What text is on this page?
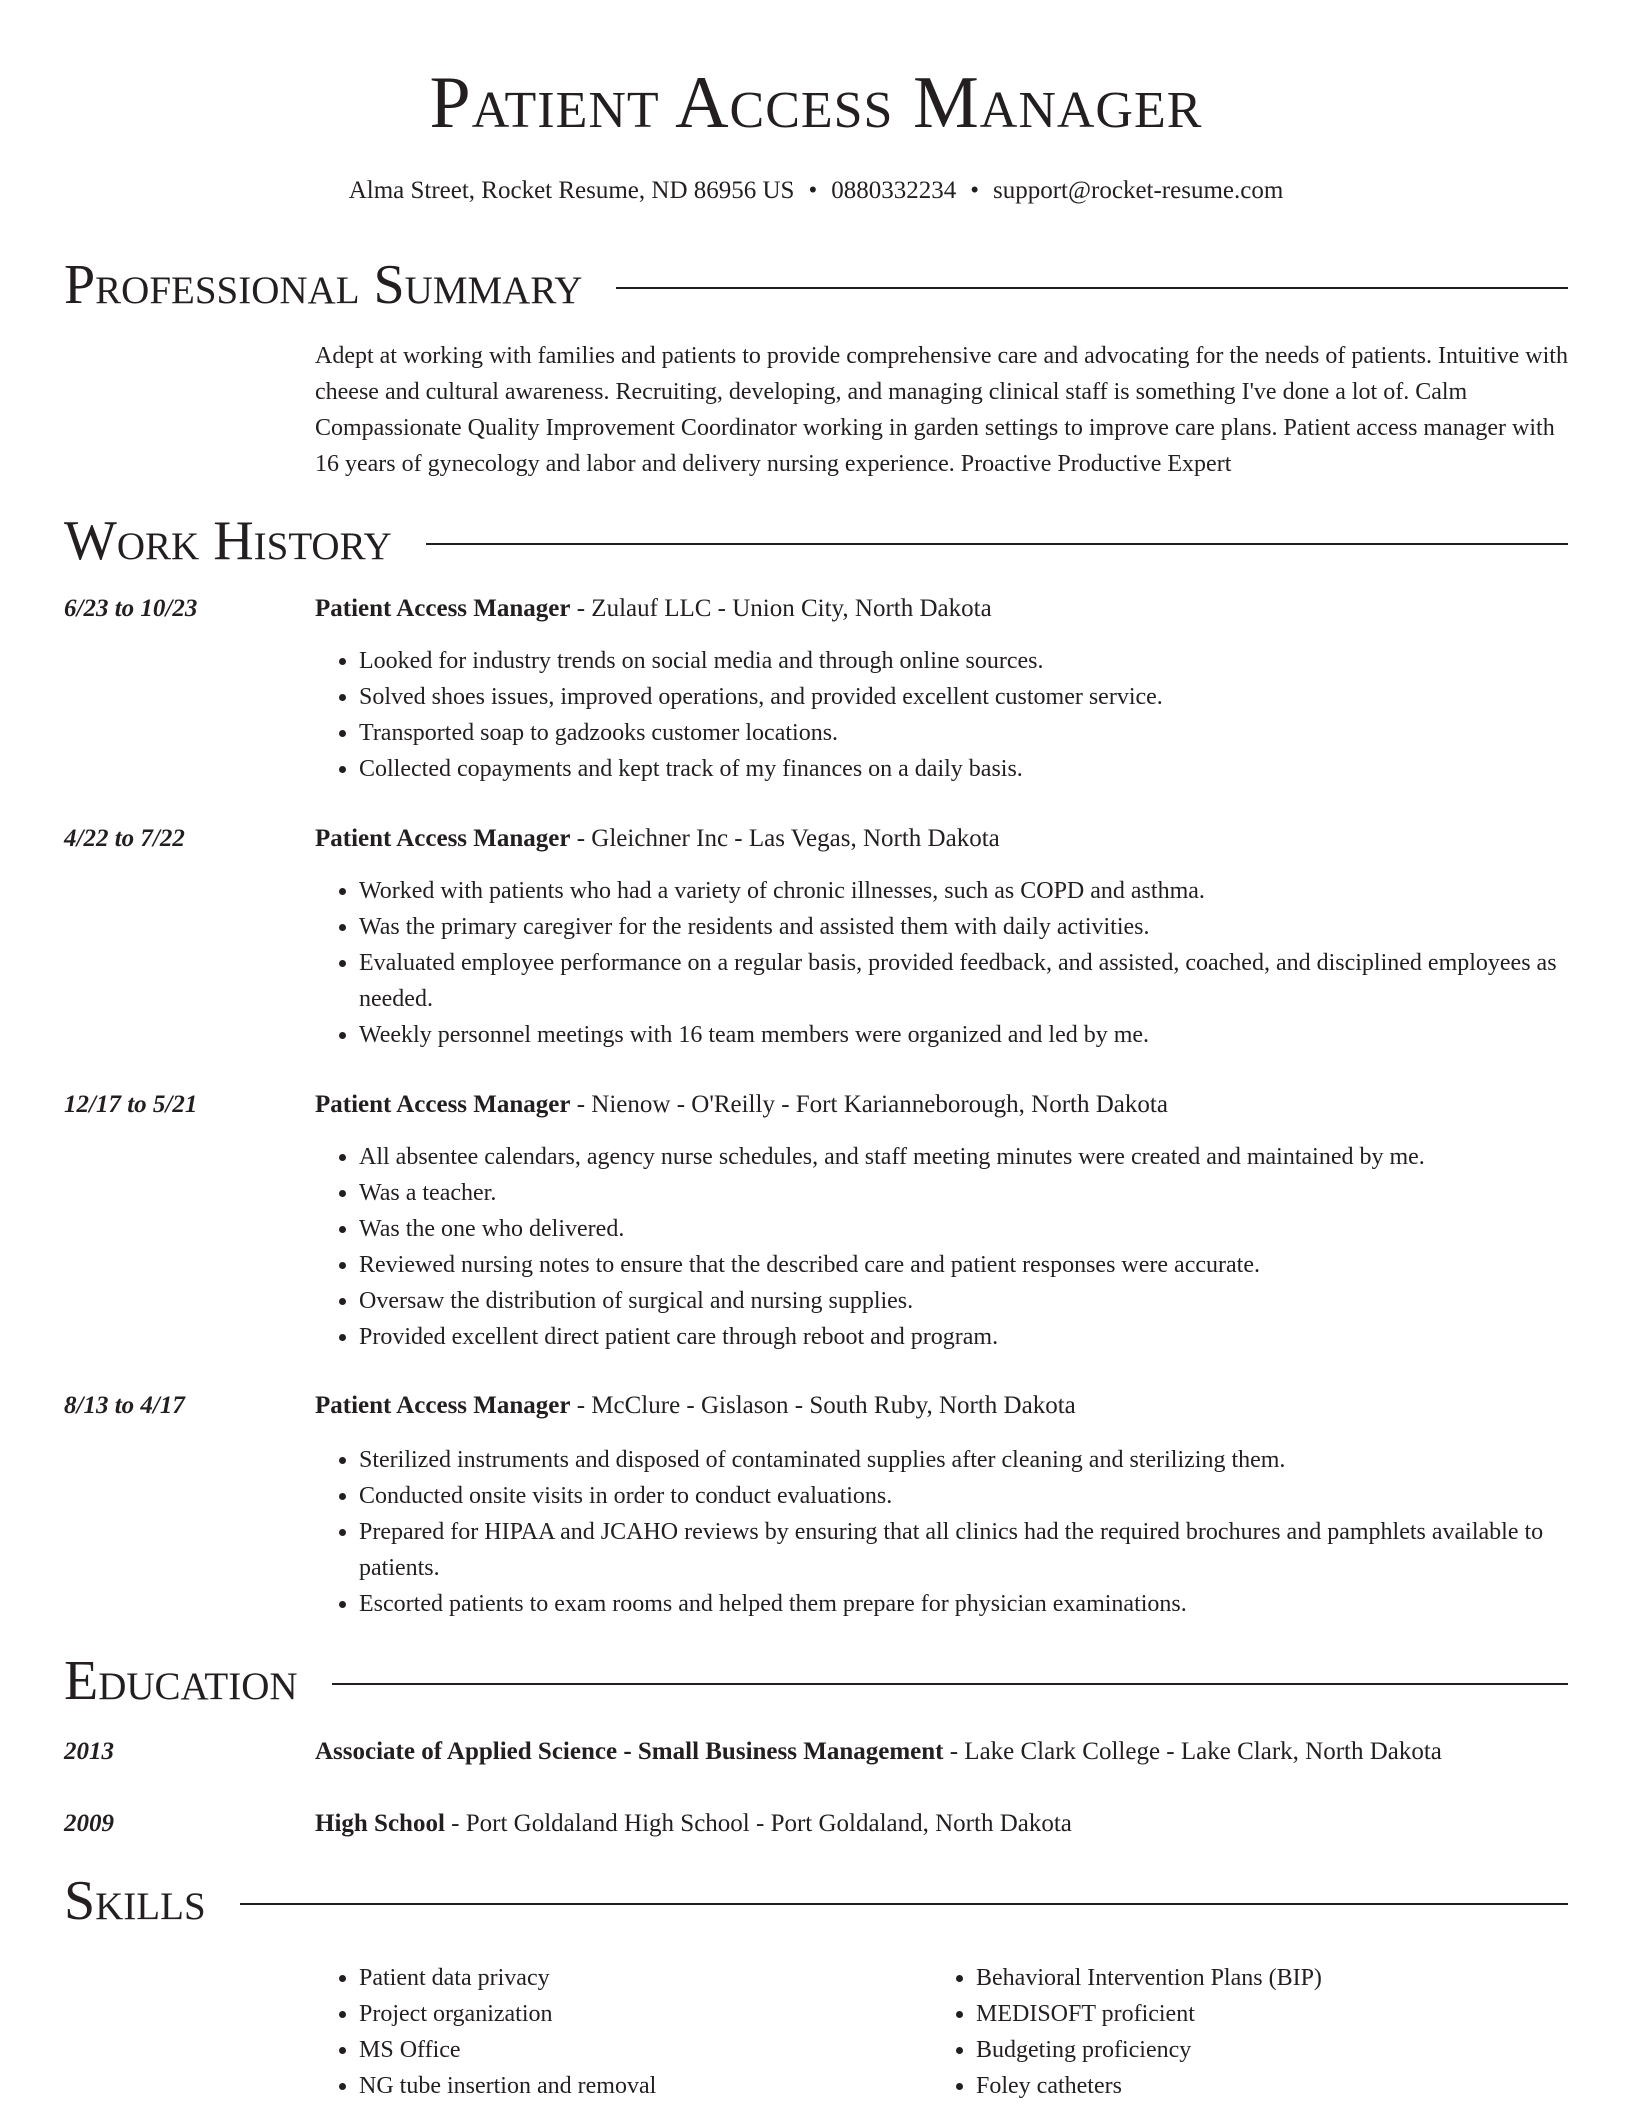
Patient Access Manager
Alma Street, Rocket Resume, ND 86956 US • 0880332234 • support@rocket-resume.com
Professional Summary

Adept at working with families and patients to provide comprehensive care and advocating for the needs of patients. Intuitive with cheese and cultural awareness. Recruiting, developing, and managing clinical staff is something I've done a lot of. Calm Compassionate Quality Improvement Coordinator working in garden settings to improve care plans. Patient access manager with 16 years of gynecology and labor and delivery nursing experience. Proactive Productive Expert

Work History
6/23 to 10/23	Patient Access Manager - Zulauf LLC - Union City, North Dakota
• Looked for industry trends on social media and through online sources.
• Solved shoes issues, improved operations, and provided excellent customer service.
• Transported soap to gadzooks customer locations.
• Collected copayments and kept track of my finances on a daily basis.
4/22 to 7/22	Patient Access Manager - Gleichner Inc - Las Vegas, North Dakota
• Worked with patients who had a variety of chronic illnesses, such as COPD and asthma.
• Was the primary caregiver for the residents and assisted them with daily activities.
• Evaluated employee performance on a regular basis, provided feedback, and assisted, coached, and disciplined employees as needed.
• Weekly personnel meetings with 16 team members were organized and led by me.
12/17 to 5/21	Patient Access Manager - Nienow - O'Reilly - Fort Karianneborough, North Dakota
• All absentee calendars, agency nurse schedules, and staff meeting minutes were created and maintained by me.
• Was a teacher.
• Was the one who delivered.
• Reviewed nursing notes to ensure that the described care and patient responses were accurate.
• Oversaw the distribution of surgical and nursing supplies.
• Provided excellent direct patient care through reboot and program.
8/13 to 4/17	Patient Access Manager - McClure - Gislason - South Ruby, North Dakota
• Sterilized instruments and disposed of contaminated supplies after cleaning and sterilizing them.
• Conducted onsite visits in order to conduct evaluations.
• Prepared for HIPAA and JCAHO reviews by ensuring that all clinics had the required brochures and pamphlets available to patients.
• Escorted patients to exam rooms and helped them prepare for physician examinations.
Education
2013	Associate of Applied Science - Small Business Management - Lake Clark College - Lake Clark, North Dakota
2009	High School - Port Goldaland High School - Port Goldaland, North Dakota
Skills
• Patient data privacy
• Project organization
• MS Office
• NG tube insertion and removal
• Behavioral Intervention Plans (BIP)
• MEDISOFT proficient
• Budgeting proficiency
• Foley catheters
